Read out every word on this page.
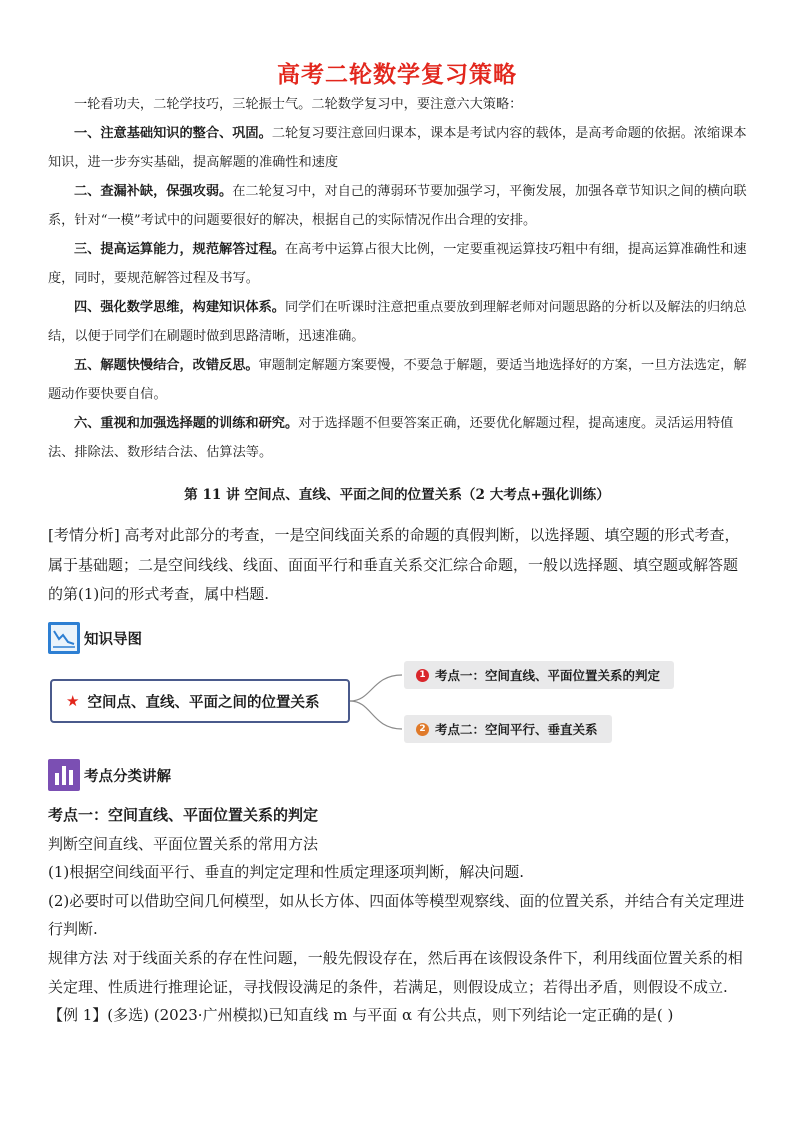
高考二轮数学复习策略

一轮看功夫，二轮学技巧，三轮振士气。二轮数学复习中，要注意六大策略：

一、注意基础知识的整合、巩固。二轮复习要注意回归课本，课本是考试内容的载体，是高考命题的依据。浓缩课本知识，进一步夯实基础，提高解题的准确性和速度

二、查漏补缺，保强攻弱。在二轮复习中，对自己的薄弱环节要加强学习，平衡发展，加强各章节知识之间的横向联系，针对“一模”考试中的问题要很好的解决，根据自己的实际情况作出合理的安排。

三、提高运算能力，规范解答过程。在高考中运算占很大比例，一定要重视运算技巧粗中有细，提高运算准确性和速度，同时，要规范解答过程及书写。

四、强化数学思维，构建知识体系。同学们在听课时注意把重点要放到理解老师对问题思路的分析以及解法的归纳总结，以便于同学们在刷题时做到思路清晰，迅速准确。

五、解题快慢结合，改错反思。审题制定解题方案要慢，不要急于解题，要适当地选择好的方案，一旦方法选定，解题动作要快要自信。

六、重视和加强选择题的训练和研究。对于选择题不但要答案正确，还要优化解题过程，提高速度。灵活运用特值法、排除法、数形结合法、估算法等。

第 11 讲 空间点、直线、平面之间的位置关系（2 大考点+强化训练）

[考情分析] 高考对此部分的考查，一是空间线面关系的命题的真假判断，以选择题、填空题的形式考查，属于基础题；二是空间线线、线面、面面平行和垂直关系交汇综合命题，一般以选择题、填空题或解答题的第(1)问的形式考查，属中档题.

知识导图
★ 空间点、直线、平面之间的位置关系
1 考点一：空间直线、平面位置关系的判定
2 考点二：空间平行、垂直关系
考点分类讲解

考点一：空间直线、平面位置关系的判定

判断空间直线、平面位置关系的常用方法

(1)根据空间线面平行、垂直的判定定理和性质定理逐项判断，解决问题.

(2)必要时可以借助空间几何模型，如从长方体、四面体等模型观察线、面的位置关系，并结合有关定理进行判断.

规律方法 对于线面关系的存在性问题，一般先假设存在，然后再在该假设条件下，利用线面位置关系的相关定理、性质进行推理论证，寻找假设满足的条件，若满足，则假设成立；若得出矛盾，则假设不成立.

【例 1】(多选) (2023·广州模拟)已知直线 m 与平面 α 有公共点，则下列结论一定正确的是( )
